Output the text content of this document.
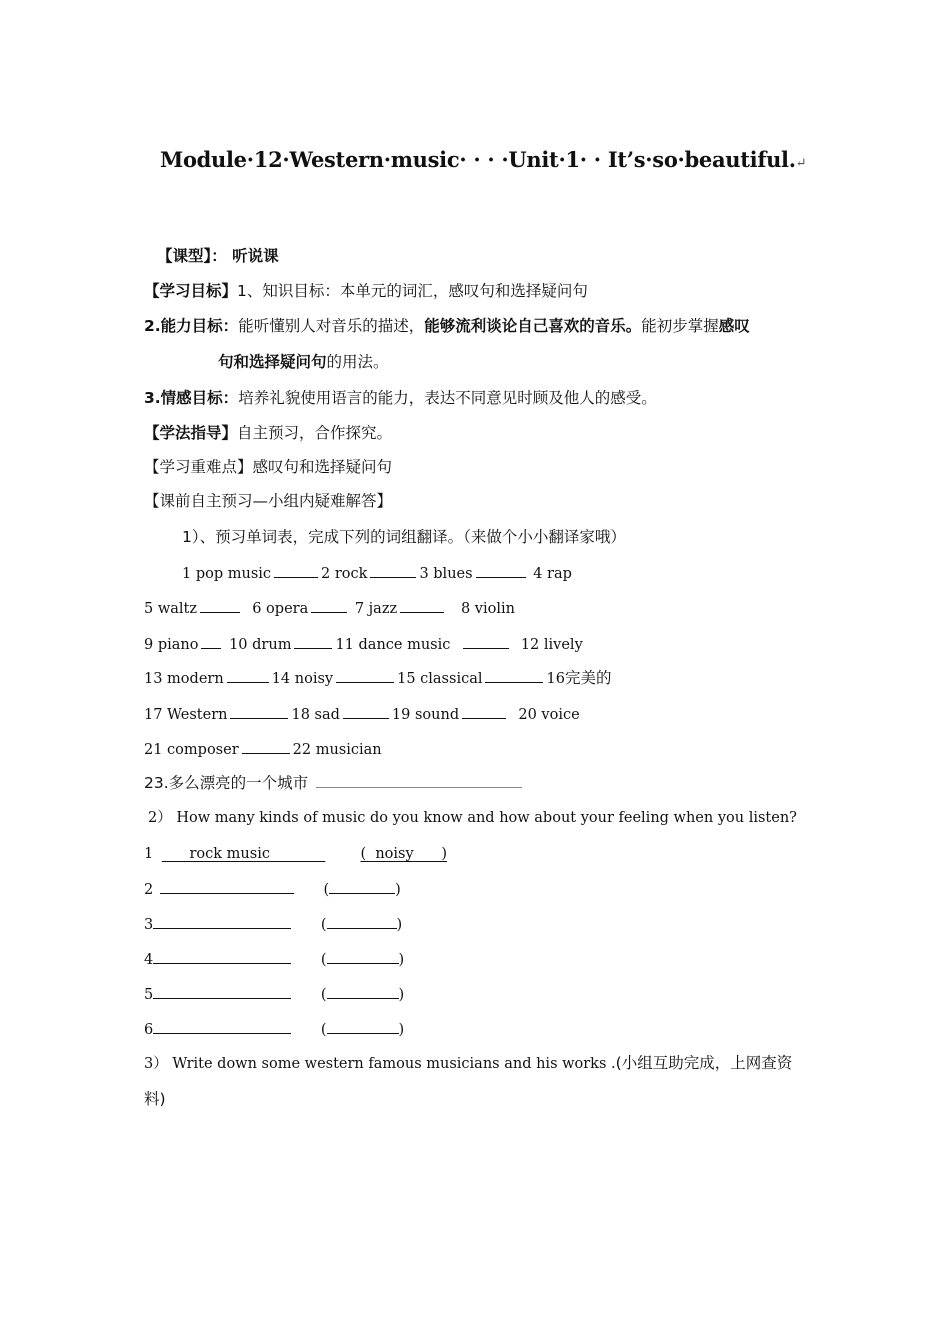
Module·12·Western·music· · · ·Unit·1· · It’s·so·beautiful.↵
【课型】： 听说课
【学习目标】1、知识目标：本单元的词汇，感叹句和选择疑问句
2.能力目标：能听懂别人对音乐的描述，能够流利谈论自己喜欢的音乐。能初步掌握感叹
句和选择疑问句的用法。
3.情感目标：培养礼貌使用语言的能力，表达不同意见时顾及他人的感受。
【学法指导】自主预习，合作探究。
【学习重难点】感叹句和选择疑问句
【课前自主预习—小组内疑难解答】
1）、预习单词表，完成下列的词组翻译。（来做个小小翻译家哦）
1 pop music	2 rock	3 blues	4 rap
5 waltz	6 opera	7 jazz	8 violin
9 piano 10 drum	11 dance music	12 lively
13 modern	14 noisy	15 classical	16完美的
17 Western	18 sad	19 sound	20 voice
21 composer	22 musician
23.多么漂亮的一个城市
2） How many kinds of music do you know and how about your feeling when you listen?
1	rock music	(  noisy      )
2	(	)
3	(	)
4	(	)
5	(	)
6	(	)
3） Write down some western famous musicians and his works .(小组互助完成，上网查资
料)
